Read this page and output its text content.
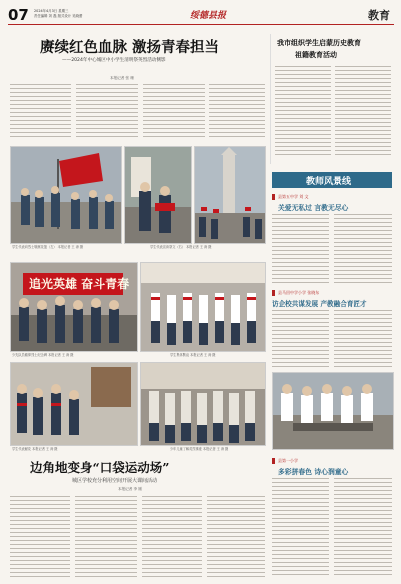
07 2024年4月3日 星期三
责任编辑 刘 磊 版式设计 吴晓蕾	绥德县报	教育
赓续红色血脉 激扬青春担当
——2024年中心城区中小学生清明祭英烈活动侧影
本报记者 张 珊
学生代表向烈士敬献花篮（左） 本报记者 王 涛 摄	学生代表宣读祭文（右） 本报记者 王 涛 摄
追光英雄 奋斗青春
少先队员瞻仰烈士纪念碑 本报记者 王 涛 摄	学生集体默哀 本报记者 王 涛 摄
学生代表献花 本报记者 王 涛 摄	少年儿童了解英烈事迹 本报记者 王 涛 摄
我市组织学生启蒙历史教育
祖籍教育活动
教师风景线
县第五中学 刘 文
关爱无私过 言教无尽心
县马回中学小学 张晓东
访企校共谋发展 产教融合育匠才
县第一小学
多彩拼春色 诗心润童心
边角地变身“口袋运动场”
城区学校充分利用空间开展大课间活动
本报记者 李 刚
